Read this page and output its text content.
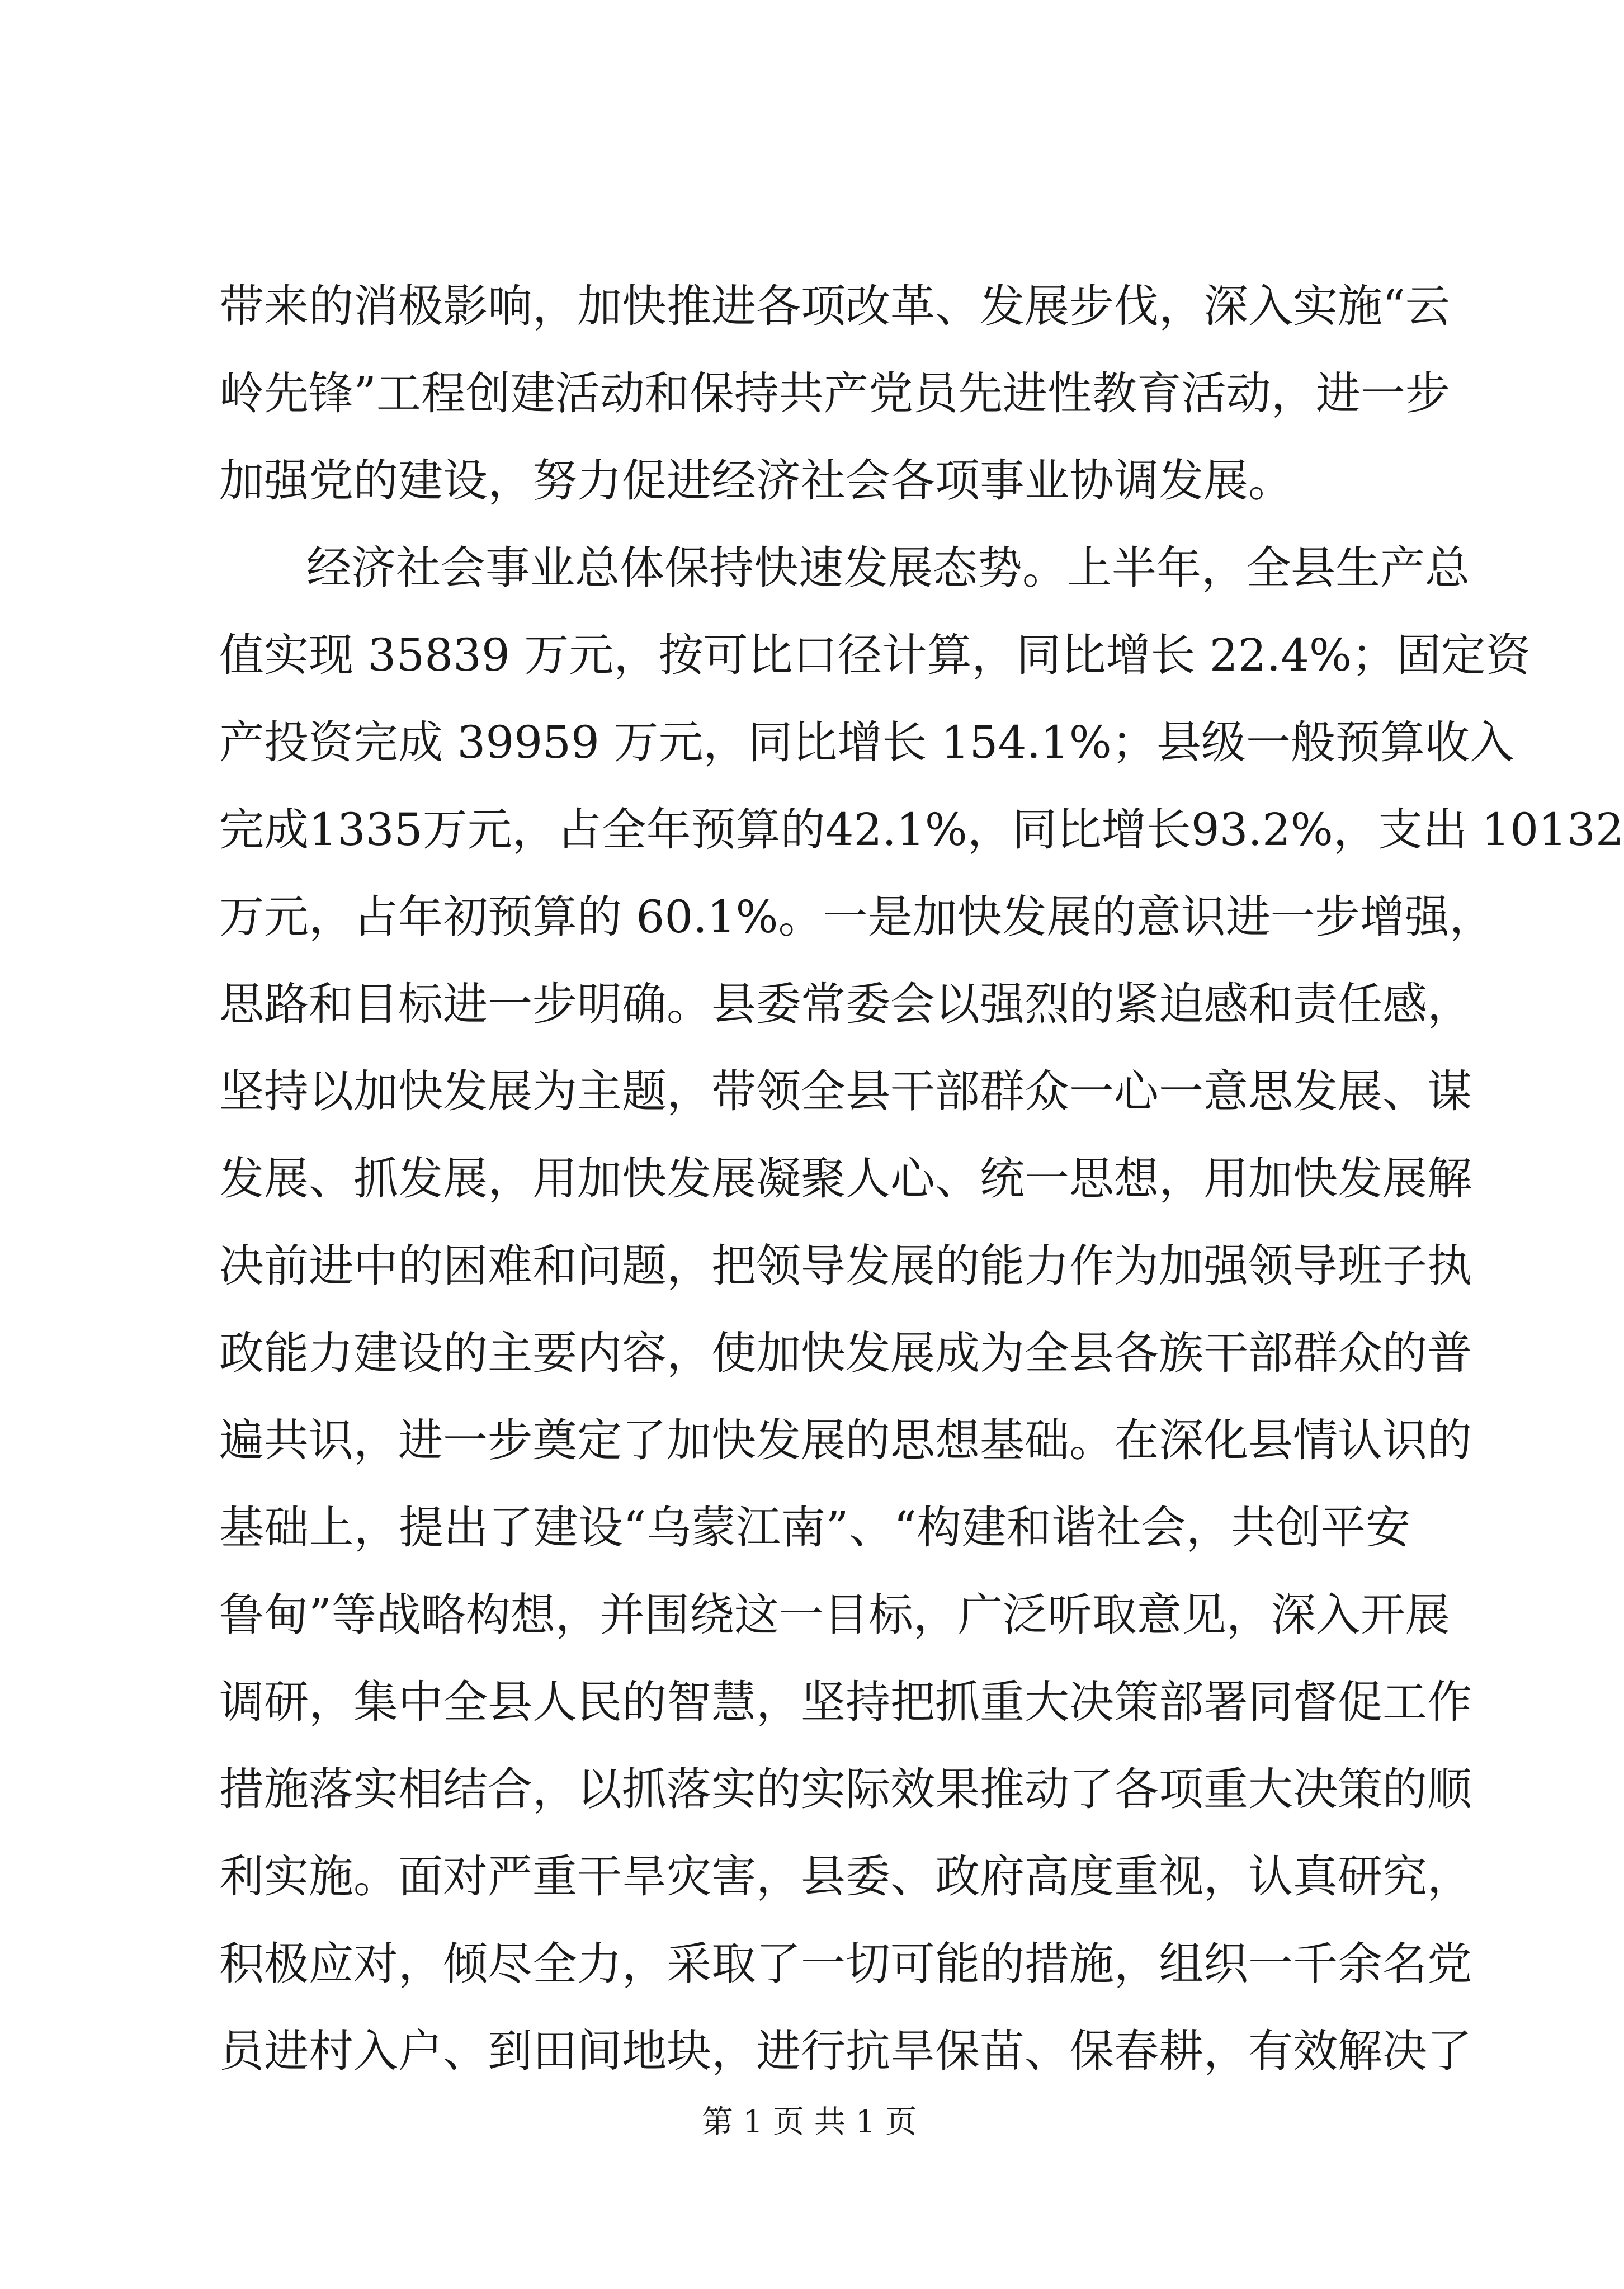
带来的消极影响，加快推进各项改革、发展步伐，深入实施“云
岭先锋”工程创建活动和保持共产党员先进性教育活动，进一步
加强党的建设，努力促进经济社会各项事业协调发展。
经济社会事业总体保持快速发展态势。上半年，全县生产总
值实现 35839 万元，按可比口径计算，同比增长 22.4%；固定资
产投资完成 39959 万元，同比增长 154.1%；县级一般预算收入
完成1335万元，占全年预算的42.1%，同比增长93.2%，支出 10132
万元，占年初预算的 60.1%。一是加快发展的意识进一步增强，
思路和目标进一步明确。县委常委会以强烈的紧迫感和责任感，
坚持以加快发展为主题，带领全县干部群众一心一意思发展、谋
发展、抓发展，用加快发展凝聚人心、统一思想，用加快发展解
决前进中的困难和问题，把领导发展的能力作为加强领导班子执
政能力建设的主要内容，使加快发展成为全县各族干部群众的普
遍共识，进一步奠定了加快发展的思想基础。在深化县情认识的
基础上，提出了建设“乌蒙江南”、“构建和谐社会，共创平安
鲁甸”等战略构想，并围绕这一目标，广泛听取意见，深入开展
调研，集中全县人民的智慧，坚持把抓重大决策部署同督促工作
措施落实相结合，以抓落实的实际效果推动了各项重大决策的顺
利实施。面对严重干旱灾害，县委、政府高度重视，认真研究，
积极应对，倾尽全力，采取了一切可能的措施，组织一千余名党
员进村入户、到田间地块，进行抗旱保苗、保春耕，有效解决了
第 1 页 共 1 页
